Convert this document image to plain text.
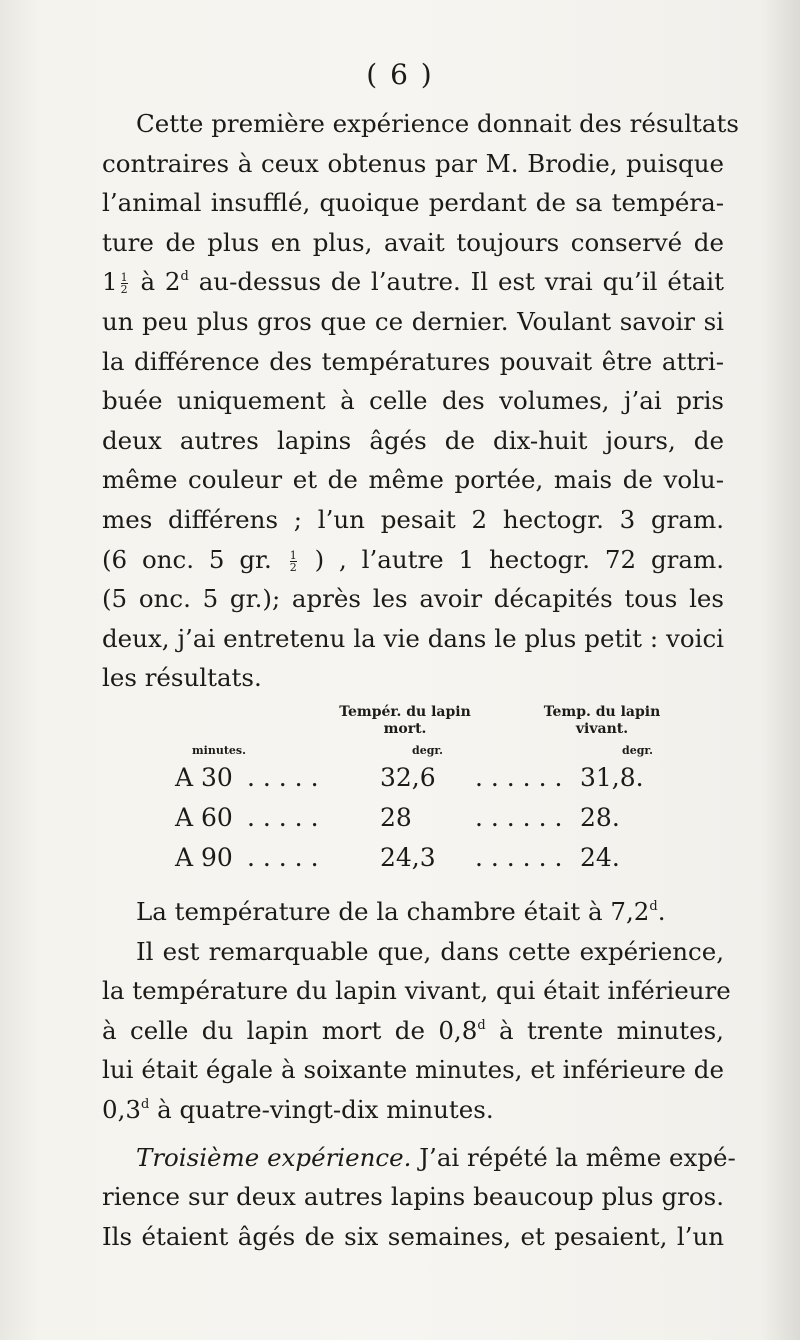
( 6 )

Cette première expérience donnait des résultats
contraires à ceux obtenus par M. Brodie, puisque
l’animal insufflé, quoique perdant de sa tempéra-
ture de plus en plus, avait toujours conservé de
$1 \frac{1}{2}$ à 2$^d$ au-dessus de l’autre. Il est vrai qu’il était
un peu plus gros que ce dernier. Voulant savoir si
la différence des températures pouvait être attri-
buée uniquement à celle des volumes, j’ai pris
deux autres lapins âgés de dix-huit jours, de
même couleur et de même portée, mais de volu-
mes différens ; l’un pesait 2 hectogr. 3 gram.
(6 onc. 5 gr. $\frac{1}{2}$ ) , l’autre 1 hectogr. 72 gram.
(5 onc. 5 gr.); après les avoir décapités tous les
deux, j’ai entretenu la vie dans le plus petit : voici
les résultats.

Tempér. du lapin mort.
Temp. du lapin vivant.
minutes.	degr.	degr.
A 30 . . . . . 32,6 . . . . . . 31,8.
A 60 . . . . . 28	. . . . . . 28.
A 90 . . . . . 24,3 . . . . . . 24.

La température de la chambre était à 7,2$^d$.

Il est remarquable que, dans cette expérience,
la température du lapin vivant, qui était inférieure
à celle du lapin mort de 0,8$^d$ à trente minutes,
lui était égale à soixante minutes, et inférieure de
0,3$^d$ à quatre-vingt-dix minutes.

Troisième expérience. J’ai répété la même expé-
rience sur deux autres lapins beaucoup plus gros.
Ils étaient âgés de six semaines, et pesaient, l’un
